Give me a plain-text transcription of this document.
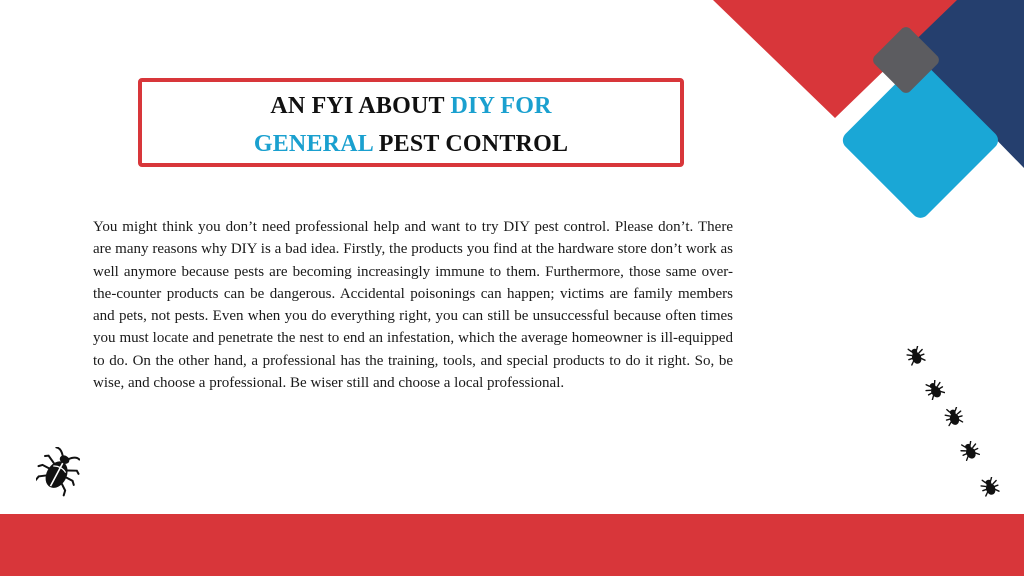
AN FYI ABOUT DIY FOR
GENERAL PEST CONTROL

You might think you don’t need professional help and want to try DIY pest control. Please don’t. There are many reasons why DIY is a bad idea. Firstly, the products you find at the hardware store don’t work as well anymore because pests are becoming increasingly immune to them. Furthermore, those same over-the-counter products can be dangerous. Accidental poisonings can happen; victims are family members and pets, not pests. Even when you do everything right, you can still be unsuccessful because often times you must locate and penetrate the nest to end an infestation, which the average homeowner is ill-equipped to do. On the other hand, a professional has the training, tools, and special products to do it right. So, be wise, and choose a professional. Be wiser still and choose a local professional.
